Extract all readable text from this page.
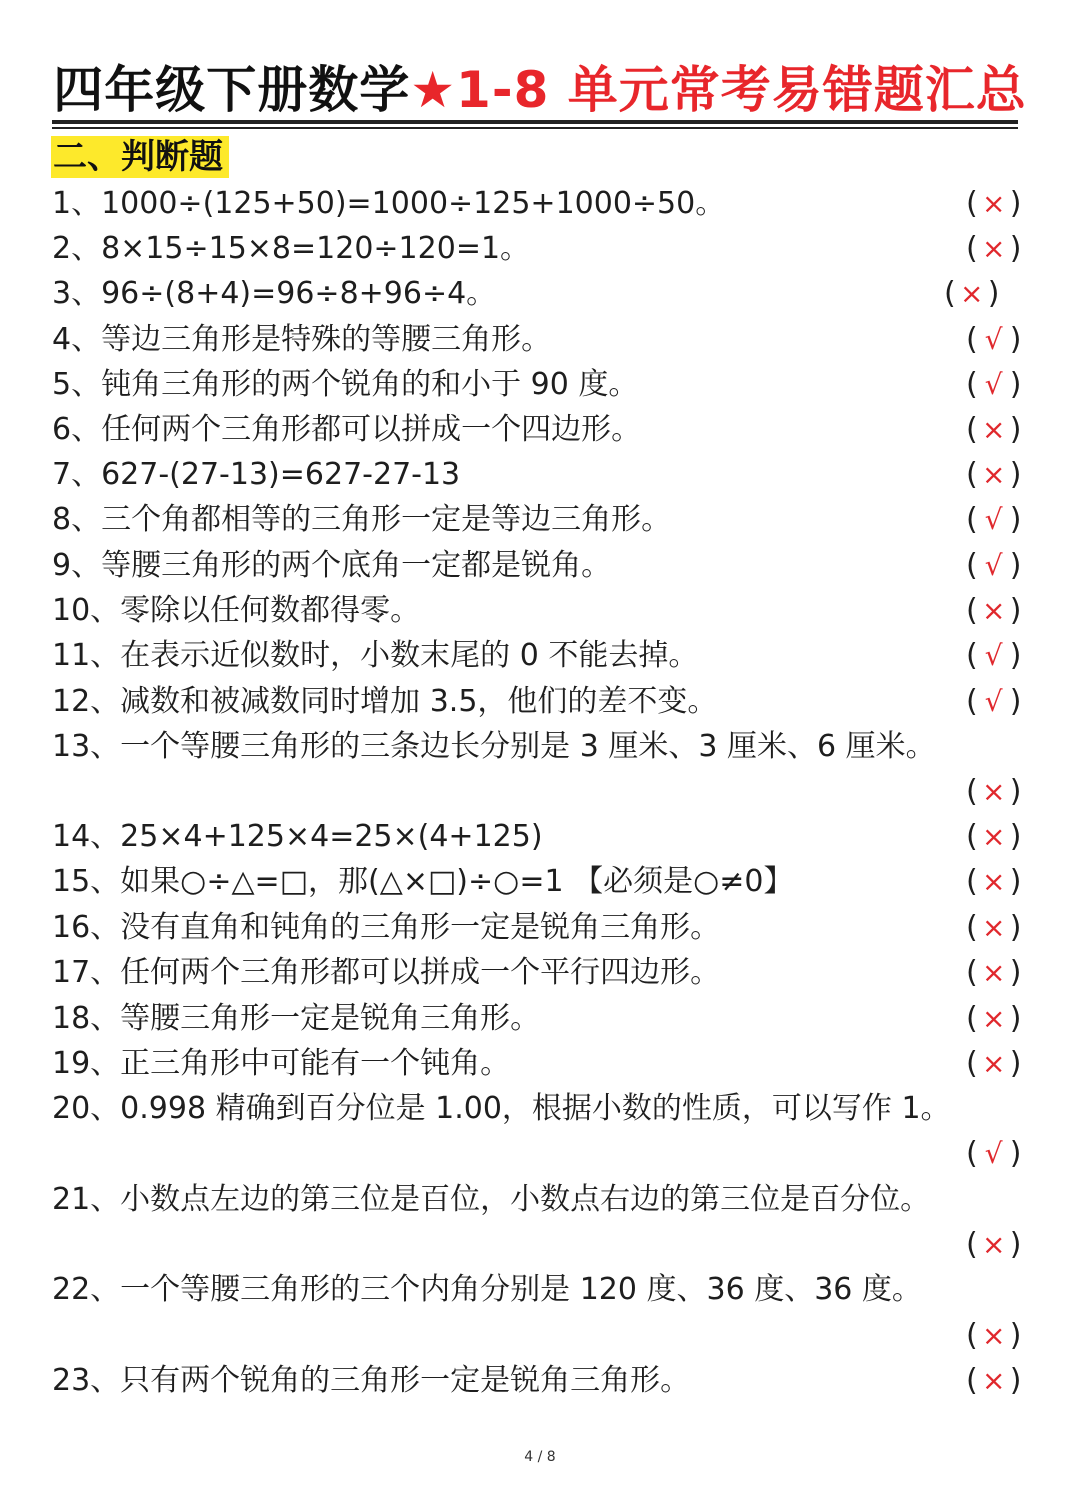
四年级下册数学★1-8 单元常考易错题汇总
二、判断题
1、1000÷(125+50)=1000÷125+1000÷50。	( × )
2、8×15÷15×8=120÷120=1。	( × )
3、96÷(8+4)=96÷8+96÷4。	( × )
4、等边三角形是特殊的等腰三角形。	( √ )
5、钝角三角形的两个锐角的和小于 90 度。	( √ )
6、任何两个三角形都可以拼成一个四边形。	( × )
7、627-(27-13)=627-27-13	( × )
8、三个角都相等的三角形一定是等边三角形。	( √ )
9、等腰三角形的两个底角一定都是锐角。	( √ )
10、零除以任何数都得零。	( × )
11、在表示近似数时，小数末尾的 0 不能去掉。	( √ )
12、减数和被减数同时增加 3.5，他们的差不变。	( √ )
13、一个等腰三角形的三条边长分别是 3 厘米、3 厘米、6 厘米。
( × )
14、25×4+125×4=25×(4+125)	( × )
15、如果○÷△=□，那(△×□)÷○=1 【必须是○≠0】	( × )
16、没有直角和钝角的三角形一定是锐角三角形。	( × )
17、任何两个三角形都可以拼成一个平行四边形。	( × )
18、等腰三角形一定是锐角三角形。	( × )
19、正三角形中可能有一个钝角。	( × )
20、0.998 精确到百分位是 1.00，根据小数的性质，可以写作 1。
( √ )
21、小数点左边的第三位是百位，小数点右边的第三位是百分位。
( × )
22、一个等腰三角形的三个内角分别是 120 度、36 度、36 度。
( × )
23、只有两个锐角的三角形一定是锐角三角形。	( × )
4 / 8
